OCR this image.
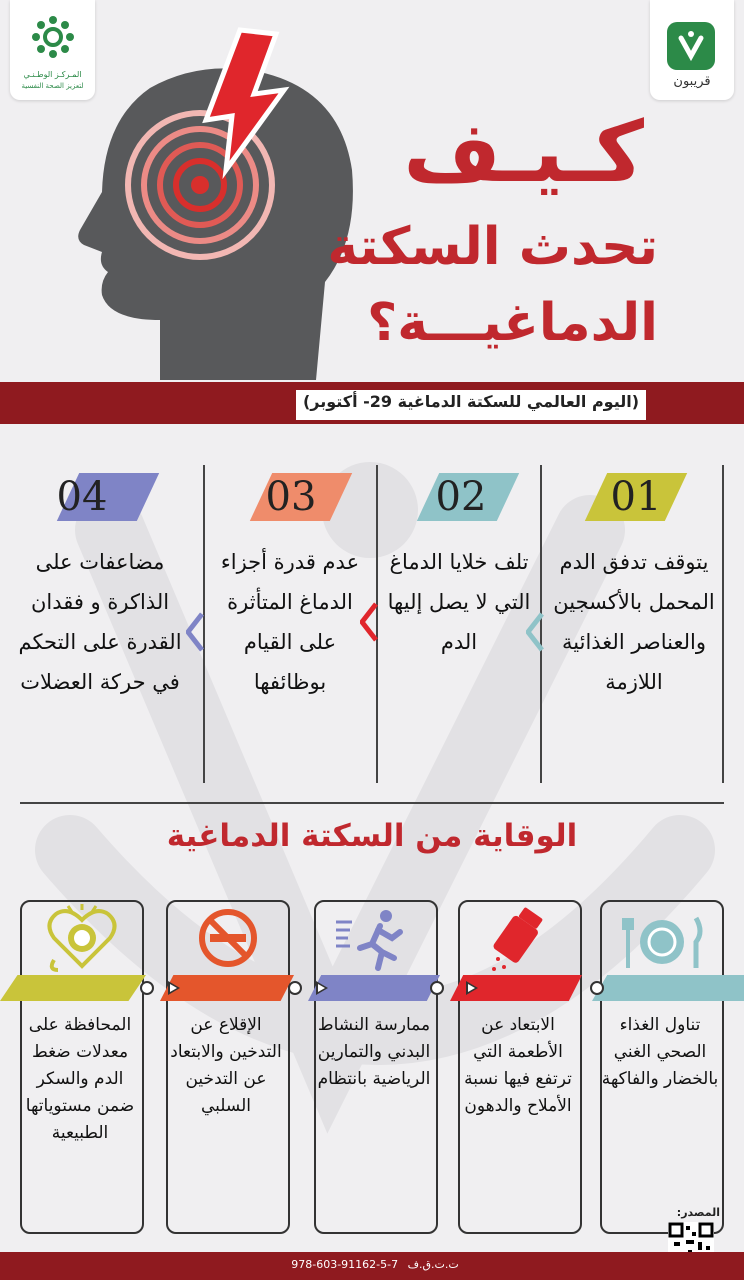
المـركـز الوطـنـي
لتعزيز الصحة النفسية	قريبون
كـيـف
تحدث السكتة
الدماغيـــة؟
(اليوم العالمي للسكتة الدماغية 29- أكتوبر)
01
يتوقف تدفق الدم المحمل بالأكسجين والعناصر الغذائية اللازمة
02
تلف خلايا الدماغ التي لا يصل إليها الدم
03
عدم قدرة أجزاء الدماغ المتأثرة على القيام بوظائفها
04
مضاعفات على الذاكرة و فقدان القدرة على التحكم في حركة العضلات
الوقاية من السكتة الدماغية
تناول الغذاء الصحي الغني بالخضار والفاكهة
الابتعاد عن الأطعمة التي ترتفع فيها نسبة الأملاح والدهون
ممارسة النشاط البدني والتمارين الرياضية بانتظام
الإقلاع عن التدخين والابتعاد عن التدخين السلبي
المحافظة على معدلات ضغط الدم والسكر ضمن مستوياتها الطبيعية
المصدر:
978-603-91162-5-7 ت.ت.ق.ف
